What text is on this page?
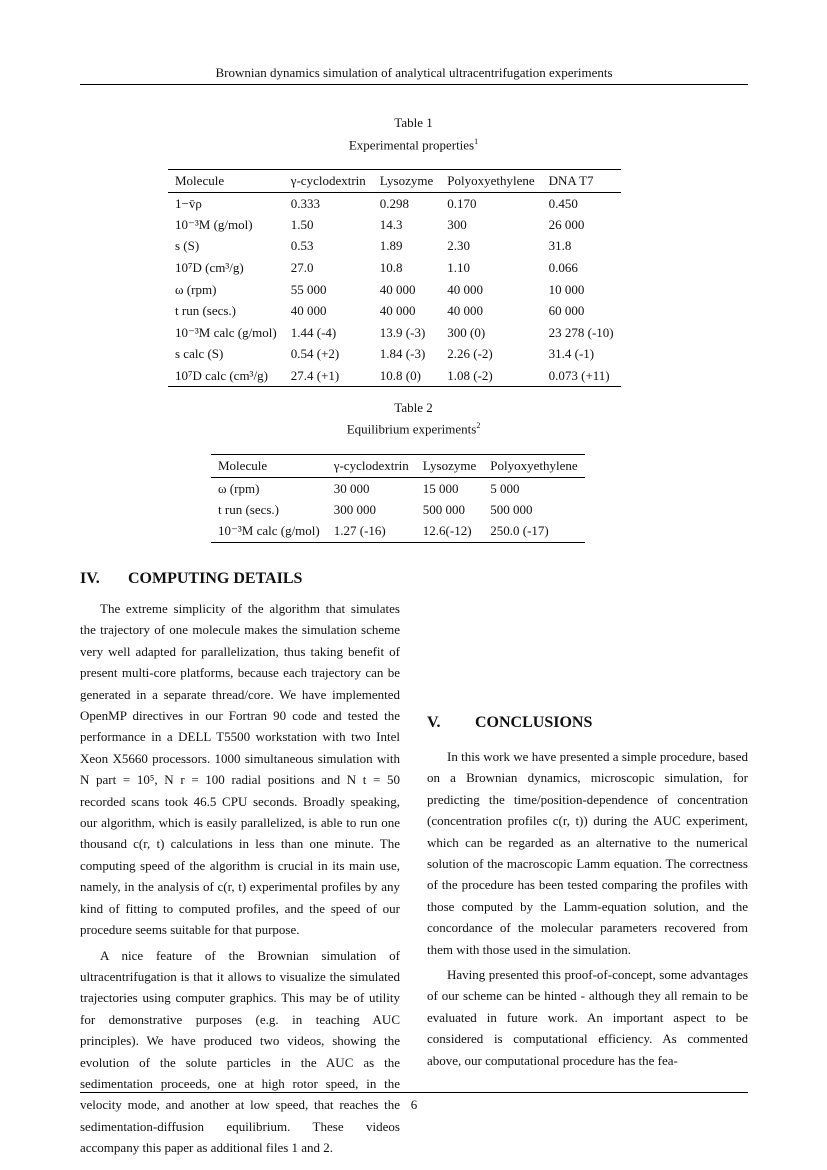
Brownian dynamics simulation of analytical ultracentrifugation experiments
Table 1
Experimental properties$^1$
Molecule	γ-cyclodextrin	Lysozyme	Polyoxyethylene	DNA T7
1−v̄ρ	0.333	0.298	0.170	0.450
10⁻³M (g/mol)	1.50	14.3	300	26 000
s (S)	0.53	1.89	2.30	31.8
10⁷D (cm³/g)	27.0	10.8	1.10	0.066
ω (rpm)	55 000	40 000	40 000	10 000
t run (secs.)	40 000	40 000	40 000	60 000
10⁻³M calc (g/mol)	1.44 (-4)	13.9 (-3)	300 (0)	23 278 (-10)
s calc (S)	0.54 (+2)	1.84 (-3)	2.26 (-2)	31.4 (-1)
10⁷D calc (cm³/g)	27.4 (+1)	10.8 (0)	1.08 (-2)	0.073 (+11)
Table 2
Equilibrium experiments$^2$
Molecule	γ-cyclodextrin	Lysozyme	Polyoxyethylene
ω (rpm)	30 000	15 000	5 000
t run (secs.)	300 000	500 000	500 000
10⁻³M calc (g/mol)	1.27 (-16)	12.6(-12)	250.0 (-17)
IV. COMPUTING DETAILS

The extreme simplicity of the algorithm that simulates the trajectory of one molecule makes the simulation scheme very well adapted for parallelization, thus taking benefit of present multi-core platforms, because each trajectory can be generated in a separate thread/core. We have implemented OpenMP directives in our Fortran 90 code and tested the performance in a DELL T5500 workstation with two Intel Xeon X5660 processors. 1000 simultaneous simulation with N part = 10⁵, N r = 100 radial positions and N t = 50 recorded scans took 46.5 CPU seconds. Broadly speaking, our algorithm, which is easily parallelized, is able to run one thousand c(r, t) calculations in less than one minute. The computing speed of the algorithm is crucial in its main use, namely, in the analysis of c(r, t) experimental profiles by any kind of fitting to computed profiles, and the speed of our procedure seems suitable for that purpose.

A nice feature of the Brownian simulation of ultracentrifugation is that it allows to visualize the simulated trajectories using computer graphics. This may be of utility for demonstrative purposes (e.g. in teaching AUC principles). We have produced two videos, showing the evolution of the solute particles in the AUC as the sedimentation proceeds, one at high rotor speed, in the velocity mode, and another at low speed, that reaches the sedimentation-diffusion equilibrium. These videos accompany this paper as additional files 1 and 2.

V. CONCLUSIONS

In this work we have presented a simple procedure, based on a Brownian dynamics, microscopic simulation, for predicting the time/position-dependence of concentration (concentration profiles c(r, t)) during the AUC experiment, which can be regarded as an alternative to the numerical solution of the macroscopic Lamm equation. The correctness of the procedure has been tested comparing the profiles with those computed by the Lamm-equation solution, and the concordance of the molecular parameters recovered from them with those used in the simulation.

Having presented this proof-of-concept, some advantages of our scheme can be hinted - although they all remain to be evaluated in future work. An important aspect to be considered is computational efficiency. As commented above, our computational procedure has the fea-

6
